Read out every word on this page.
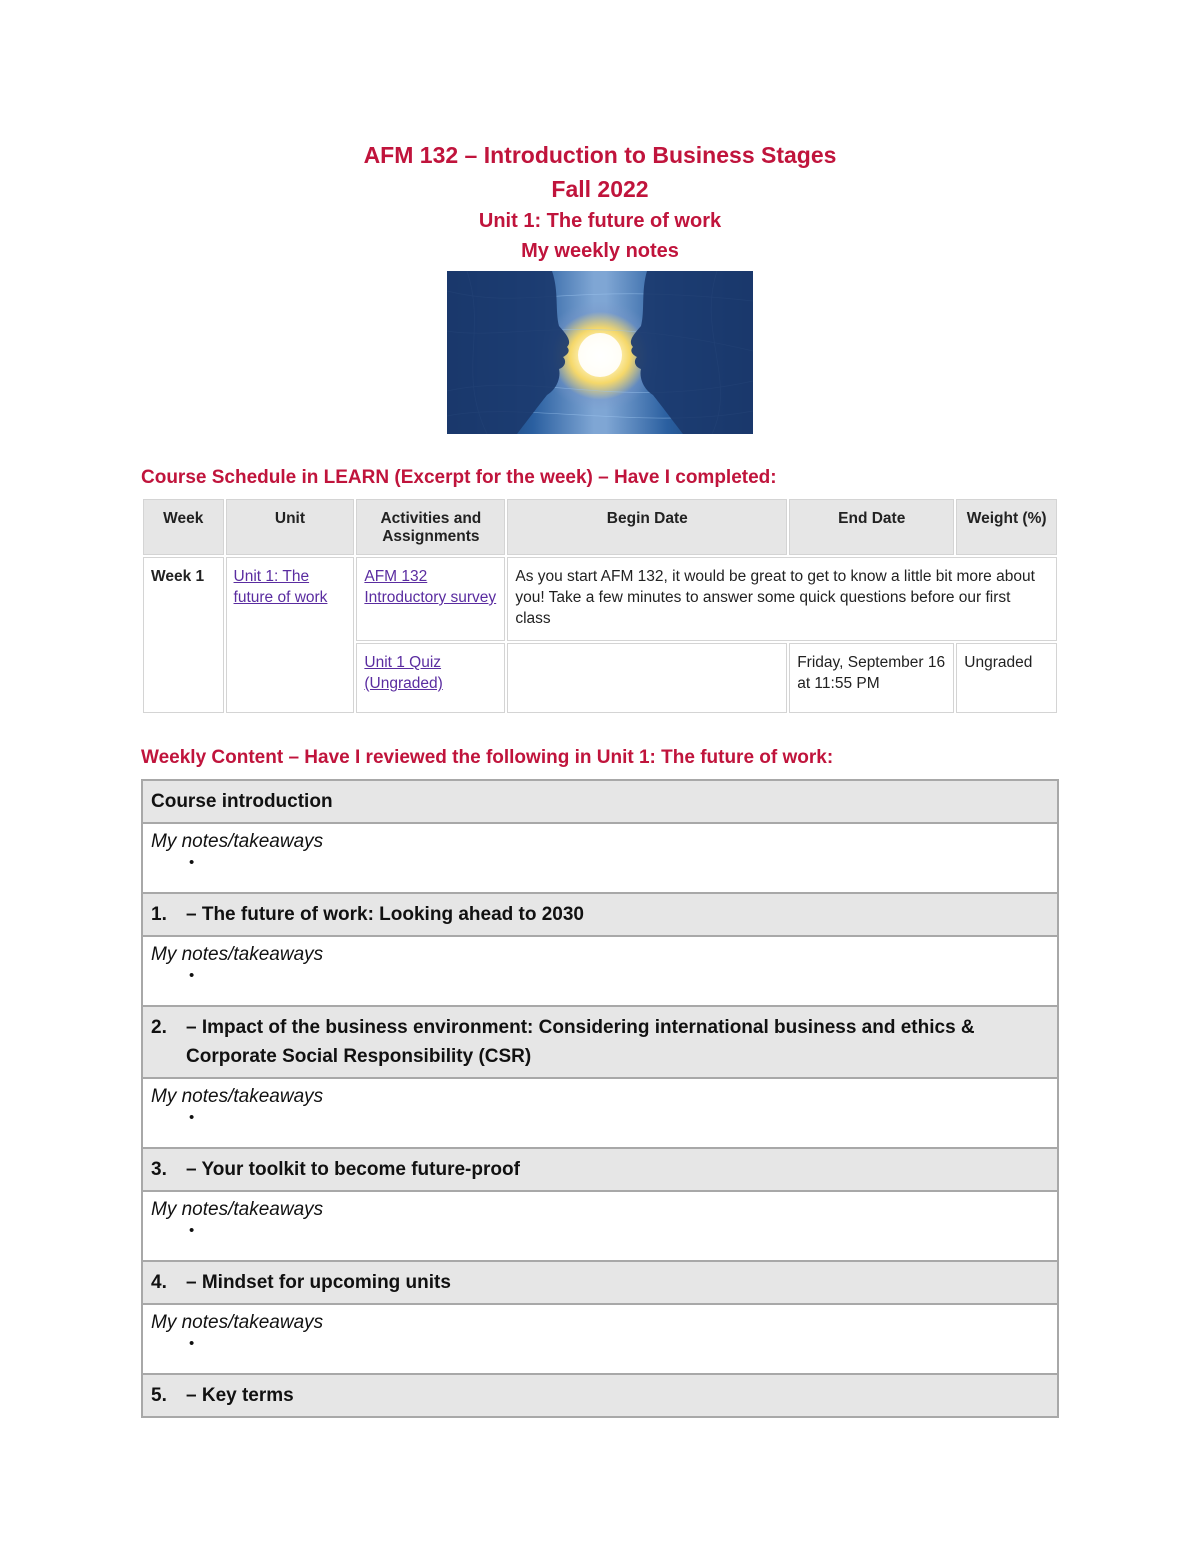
AFM 132 – Introduction to Business Stages
Fall 2022
Unit 1: The future of work
My weekly notes
Course Schedule in LEARN (Excerpt for the week) – Have I completed:
Week	Unit	Activities and Assignments	Begin Date	End Date	Weight (%)
Week 1	Unit 1: The future of work	AFM 132 Introductory survey	As you start AFM 132, it would be great to get to know a little bit more about you! Take a few minutes to answer some quick questions before our first class		
		Unit 1 Quiz (Ungraded)		Friday, September 16 at 11:55 PM	Ungraded
Weekly Content – Have I reviewed the following in Unit 1: The future of work:
Course introduction

My notes/takeaways
•

1.	– The future of work: Looking ahead to 2030

My notes/takeaways
•

2.	– Impact of the business environment: Considering international business and ethics & Corporate Social Responsibility (CSR)

My notes/takeaways
•

3.	– Your toolkit to become future-proof

My notes/takeaways
•

4.	– Mindset for upcoming units

My notes/takeaways
•

5.	– Key terms
